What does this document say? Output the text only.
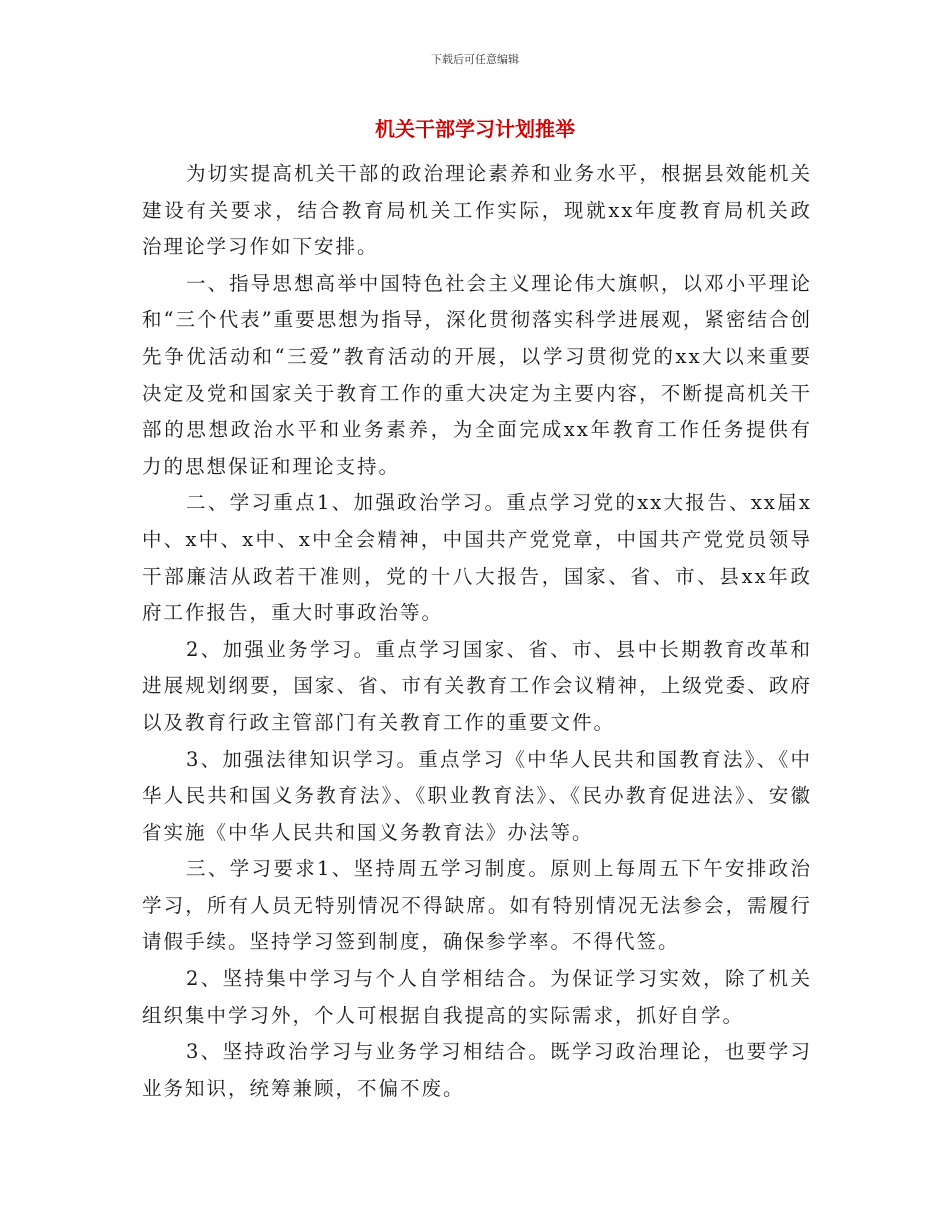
下载后可任意编辑
机关干部学习计划推举

为切实提高机关干部的政治理论素养和业务水平，根据县效能机关建设有关要求，结合教育局机关工作实际，现就xx年度教育局机关政治理论学习作如下安排。

一、指导思想高举中国特色社会主义理论伟大旗帜，以邓小平理论和“三个代表”重要思想为指导，深化贯彻落实科学进展观，紧密结合创先争优活动和“三爱”教育活动的开展，以学习贯彻党的xx大以来重要决定及党和国家关于教育工作的重大决定为主要内容，不断提高机关干部的思想政治水平和业务素养，为全面完成xx年教育工作任务提供有力的思想保证和理论支持。

二、学习重点1、加强政治学习。重点学习党的xx大报告、xx届x中、x中、x中、x中全会精神，中国共产党党章，中国共产党党员领导干部廉洁从政若干准则，党的十八大报告，国家、省、市、县xx年政府工作报告，重大时事政治等。

2、加强业务学习。重点学习国家、省、市、县中长期教育改革和进展规划纲要，国家、省、市有关教育工作会议精神，上级党委、政府以及教育行政主管部门有关教育工作的重要文件。

3、加强法律知识学习。重点学习《中华人民共和国教育法》、《中华人民共和国义务教育法》、《职业教育法》、《民办教育促进法》、安徽省实施《中华人民共和国义务教育法》办法等。

三、学习要求1、坚持周五学习制度。原则上每周五下午安排政治学习，所有人员无特别情况不得缺席。如有特别情况无法参会，需履行请假手续。坚持学习签到制度，确保参学率。不得代签。

2、坚持集中学习与个人自学相结合。为保证学习实效，除了机关组织集中学习外，个人可根据自我提高的实际需求，抓好自学。

3、坚持政治学习与业务学习相结合。既学习政治理论，也要学习业务知识，统筹兼顾，不偏不废。
